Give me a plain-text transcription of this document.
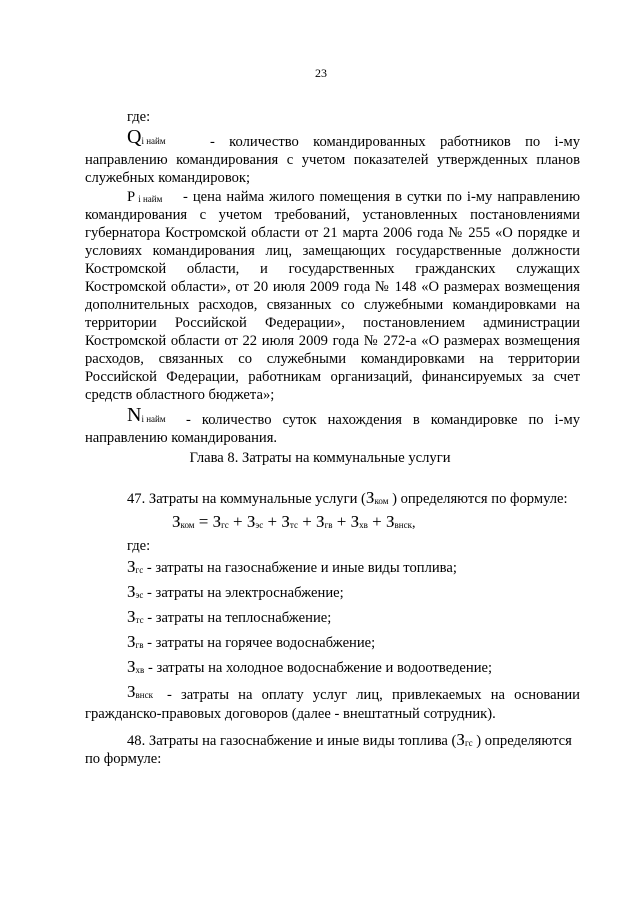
23
где:
$Q_{i найм}$	- количество командированных работников по i-му
направлению командирования с учетом показателей утвержденных планов
служебных командировок;
P $_{i найм}$ - цена найма жилого помещения в сутки по i-му направлению
командирования с учетом требований, установленных постановлениями
губернатора Костромской области от 21 марта 2006 года № 255 «О порядке и
условиях командирования лиц, замещающих государственные должности
Костромской области, и государственных гражданских служащих
Костромской области», от 20 июля 2009 года № 148 «О размерах возмещения
дополнительных расходов, связанных со служебными командировками на
территории Российской Федерации», постановлением администрации
Костромской области от 22 июля 2009 года № 272-а «О размерах возмещения
расходов, связанных со служебными командировками на территории
Российской Федерации, работникам организаций, финансируемых за счет
средств областного бюджета»;
$N_{i найм}$ - количество суток нахождения в командировке по i-му
направлению командирования.
Глава 8. Затраты на коммунальные услуги
47. Затраты на коммунальные услуги ($З_{ком}$ ) определяются по формуле:
$З_{ком} = З_{гс} + З_{эс} + З_{тс} + З_{гв} + З_{хв} + З_{внск}$,
где:
$З_{гс}$ - затраты на газоснабжение и иные виды топлива;
$З_{эс}$ - затраты на электроснабжение;
$З_{тс}$ - затраты на теплоснабжение;
$З_{гв}$ - затраты на горячее водоснабжение;
$З_{хв}$ - затраты на холодное водоснабжение и водоотведение;
$З_{внск}$ - затраты на оплату услуг лиц, привлекаемых на основании
гражданско-правовых договоров (далее - внештатный сотрудник).
48. Затраты на газоснабжение и иные виды топлива ($З_{гс}$ ) определяются
по формуле:
